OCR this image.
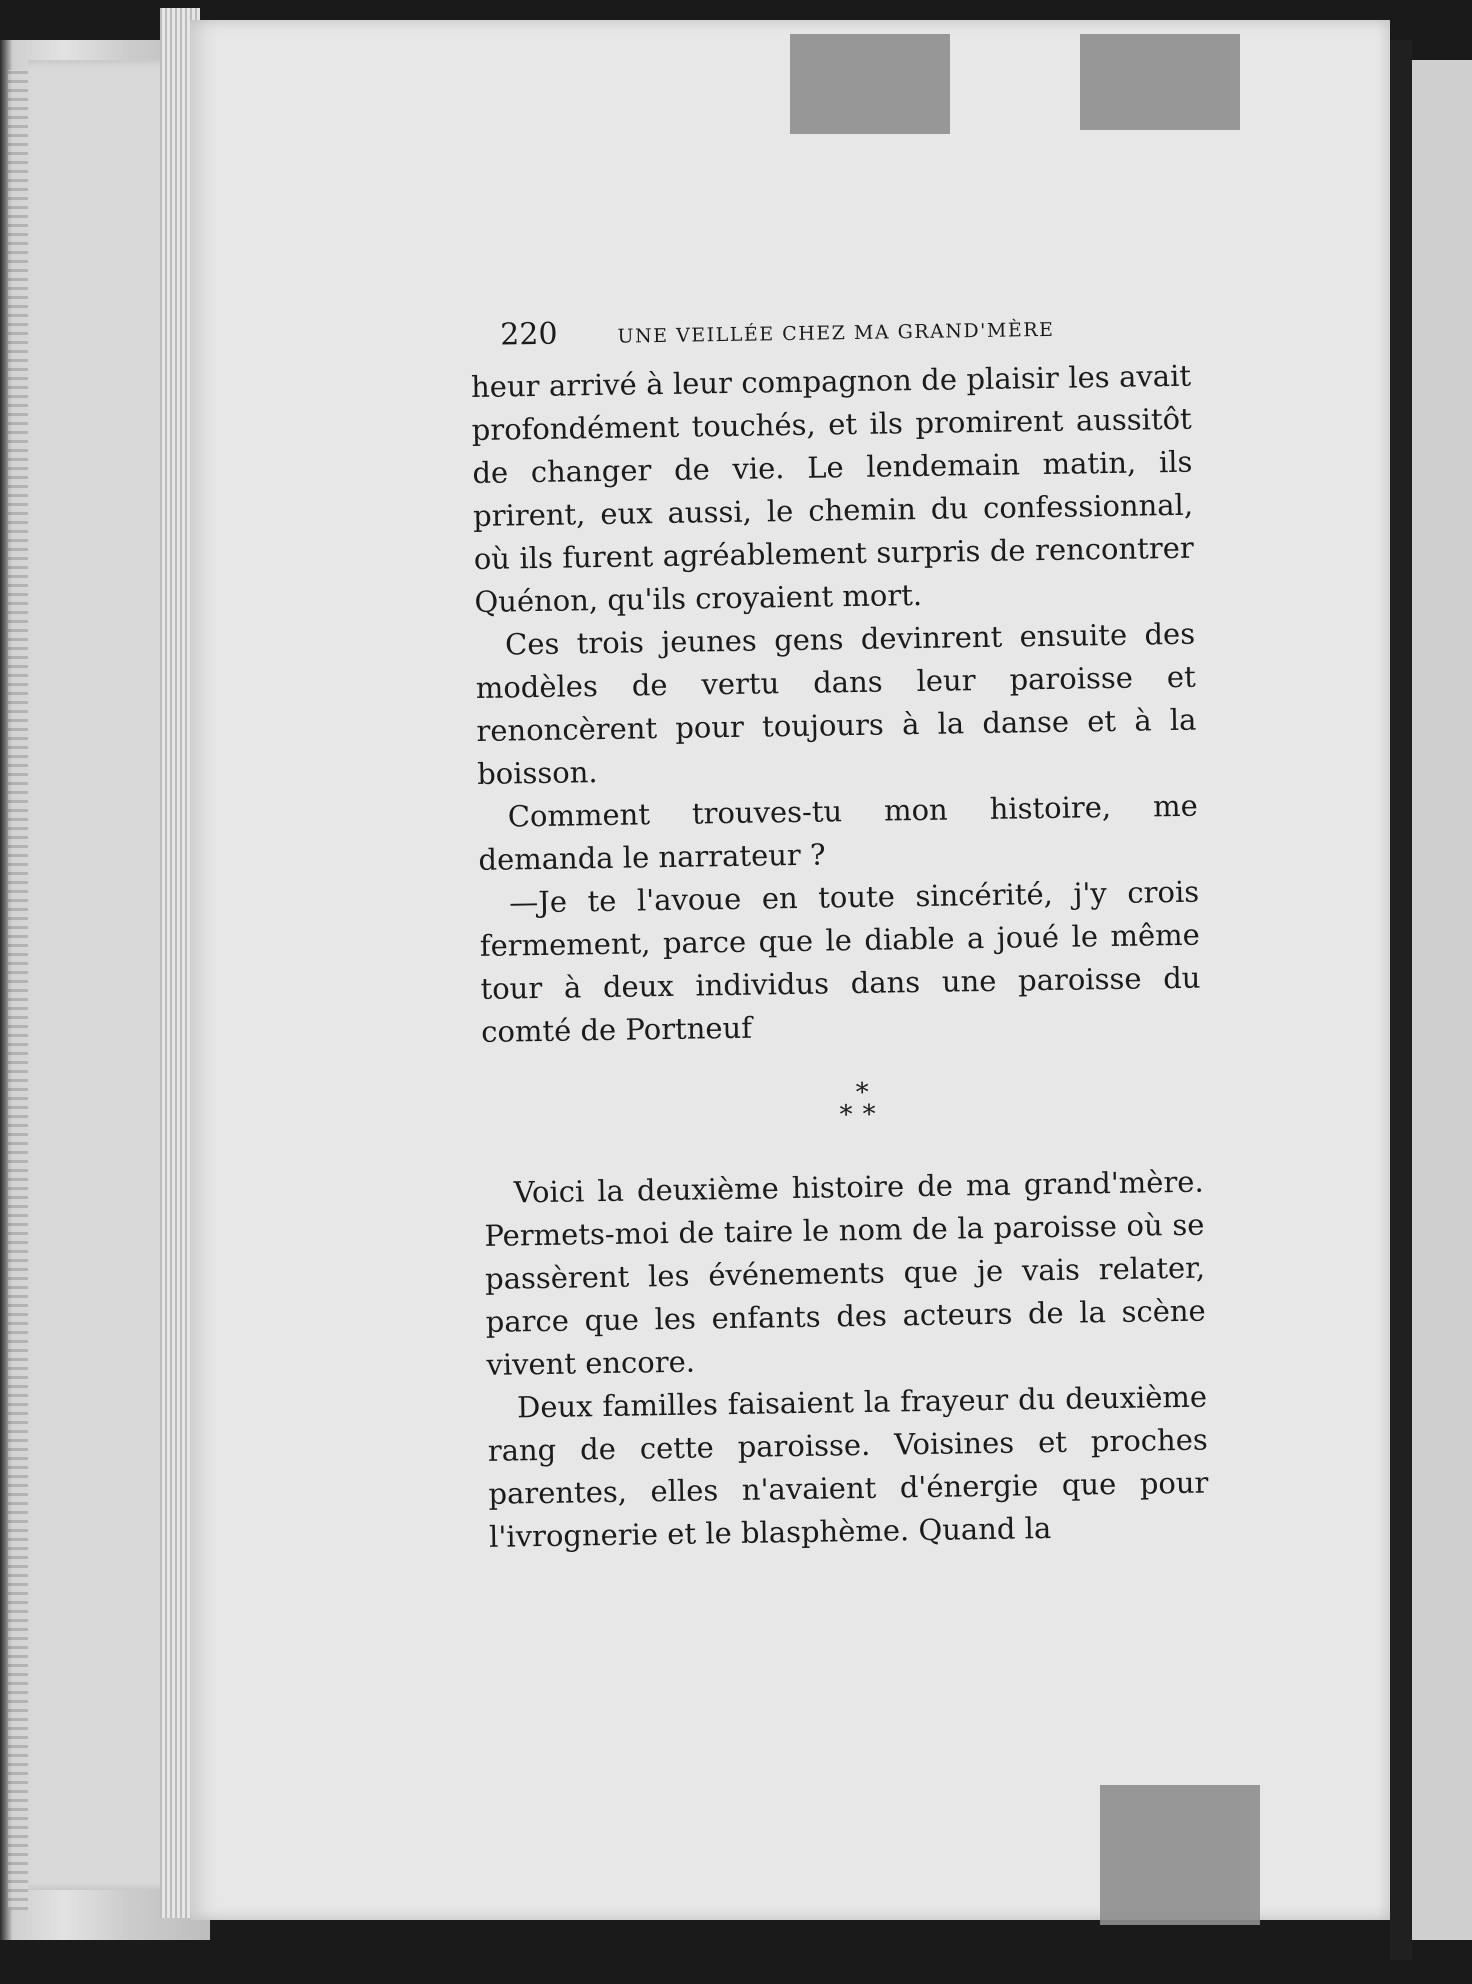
220	UNE VEILLÉE CHEZ MA GRAND'MÈRE

heur arrivé à leur compagnon de plaisir les avait profondément touchés, et ils promirent aussitôt de changer de vie. Le lendemain matin, ils prirent, eux aussi, le chemin du confessionnal, où ils furent agréablement surpris de rencontrer Quénon, qu'ils croyaient mort.

Ces trois jeunes gens devinrent ensuite des modèles de vertu dans leur paroisse et renoncèrent pour toujours à la danse et à la boisson.

Comment trouves-tu mon histoire, me demanda le narrateur ?

—Je te l'avoue en toute sincérité, j'y crois fermement, parce que le diable a joué le même tour à deux individus dans une paroisse du comté de Portneuf

*
**

Voici la deuxième histoire de ma grand'mère. Permets-moi de taire le nom de la paroisse où se passèrent les événements que je vais relater, parce que les enfants des acteurs de la scène vivent encore.

Deux familles faisaient la frayeur du deuxième rang de cette paroisse. Voisines et proches parentes, elles n'avaient d'énergie que pour l'ivrognerie et le blasphème. Quand la
